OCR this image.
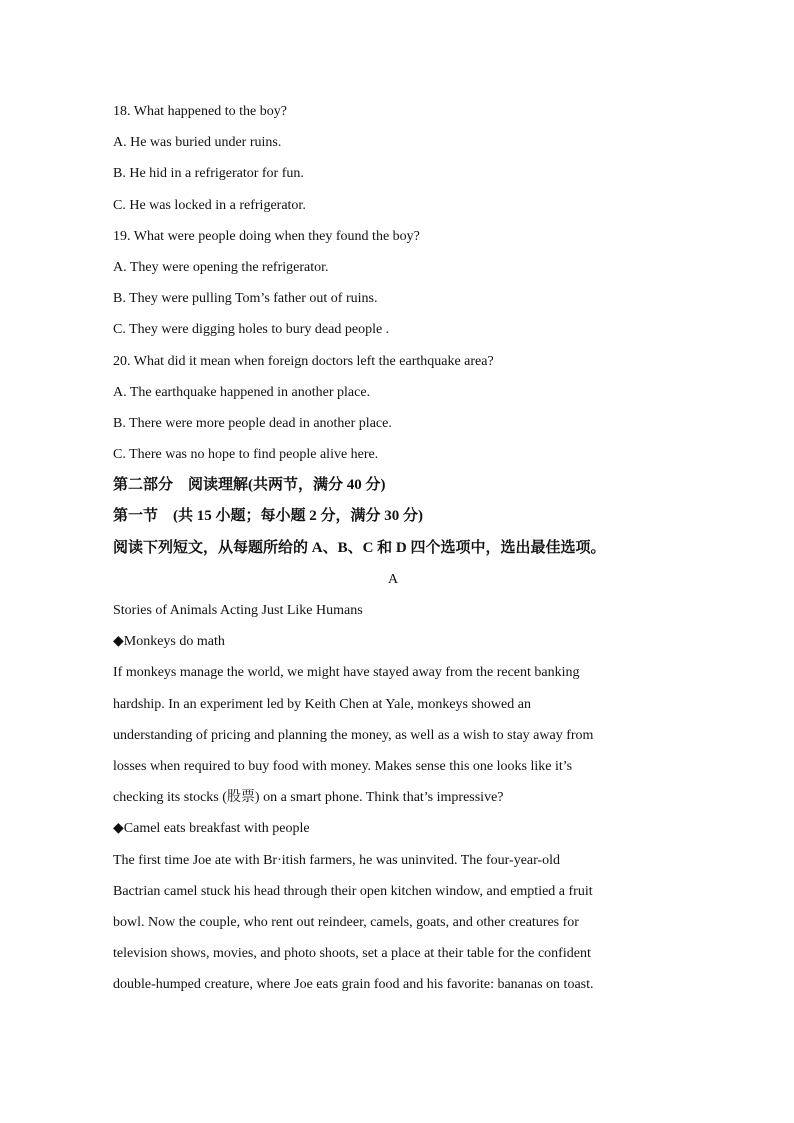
18. What happened to the boy?
A. He was buried under ruins.
B. He hid in a refrigerator for fun.
C. He was locked in a refrigerator.
19. What were people doing when they found the boy?
A. They were opening the refrigerator.
B. They were pulling Tom’s father out of ruins.
C. They were digging holes to bury dead people .
20. What did it mean when foreign doctors left the earthquake area?
A. The earthquake happened in another place.
B. There were more people dead in another place.
C. There was no hope to find people alive here.
第二部分　阅读理解(共两节，满分 40 分)
第一节　(共 15 小题；每小题 2 分，满分 30 分)
阅读下列短文，从每题所给的 A、B、C 和 D 四个选项中，选出最佳选项。
A
Stories of Animals Acting Just Like Humans
◆Monkeys do math
If monkeys manage the world, we might have stayed away from the recent banking
hardship. In an experiment led by Keith Chen at Yale, monkeys showed an
understanding of pricing and planning the money, as well as a wish to stay away from
losses when required to buy food with money. Makes sense this one looks like it’s
checking its stocks (股票) on a smart phone. Think that’s impressive?
◆Camel eats breakfast with people
The first time Joe ate with Br·itish farmers, he was uninvited. The four-year-old
Bactrian camel stuck his head through their open kitchen window, and emptied a fruit
bowl. Now the couple, who rent out reindeer, camels, goats, and other creatures for
television shows, movies, and photo shoots, set a place at their table for the confident
double-humped creature, where Joe eats grain food and his favorite: bananas on toast.
